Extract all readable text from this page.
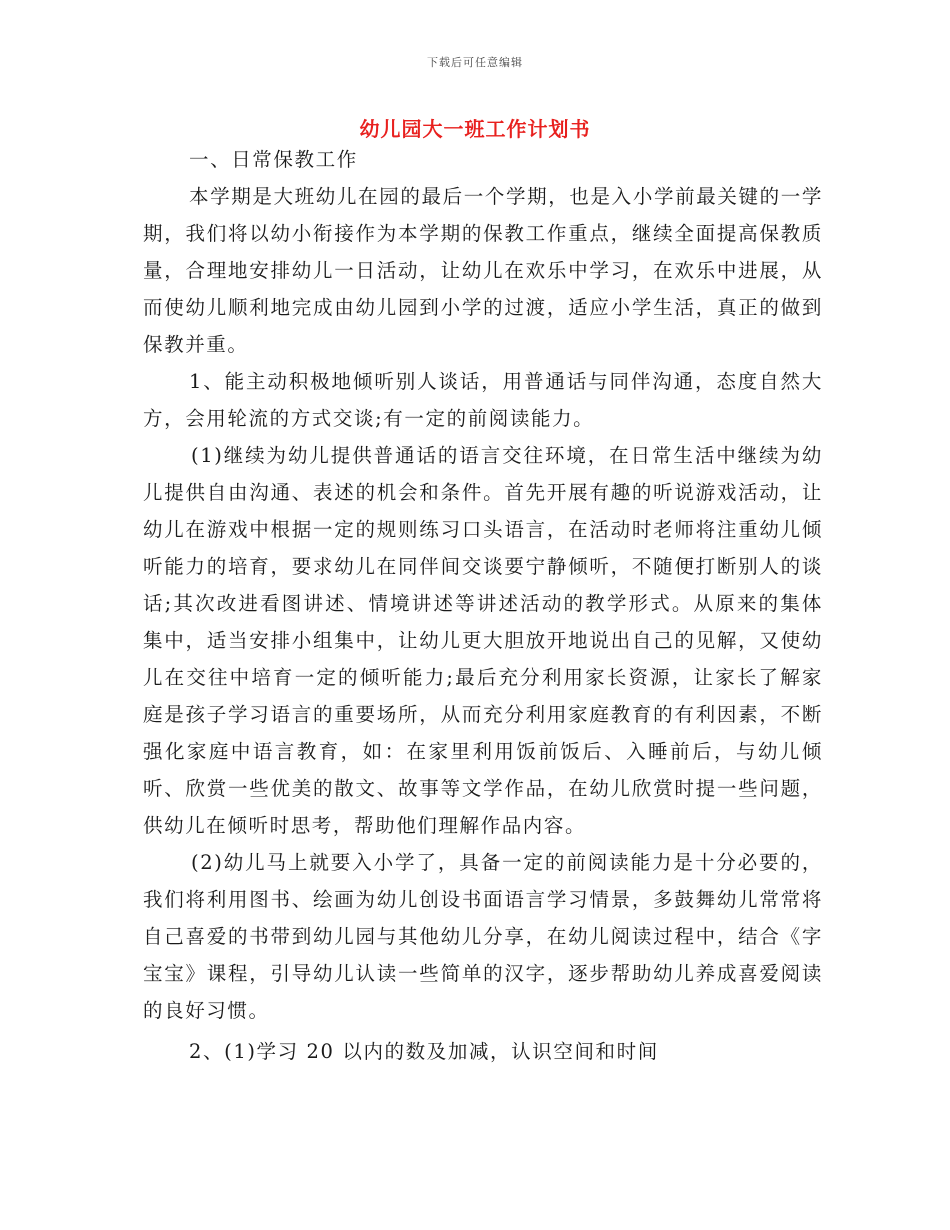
下载后可任意编辑
幼儿园大一班工作计划书

一、日常保教工作

本学期是大班幼儿在园的最后一个学期，也是入小学前最关键的一学期，我们将以幼小衔接作为本学期的保教工作重点，继续全面提高保教质量，合理地安排幼儿一日活动，让幼儿在欢乐中学习，在欢乐中进展，从而使幼儿顺利地完成由幼儿园到小学的过渡，适应小学生活，真正的做到保教并重。

1、能主动积极地倾听别人谈话，用普通话与同伴沟通，态度自然大方，会用轮流的方式交谈;有一定的前阅读能力。

(1)继续为幼儿提供普通话的语言交往环境，在日常生活中继续为幼儿提供自由沟通、表述的机会和条件。首先开展有趣的听说游戏活动，让幼儿在游戏中根据一定的规则练习口头语言，在活动时老师将注重幼儿倾听能力的培育，要求幼儿在同伴间交谈要宁静倾听，不随便打断别人的谈话;其次改进看图讲述、情境讲述等讲述活动的教学形式。从原来的集体集中，适当安排小组集中，让幼儿更大胆放开地说出自己的见解，又使幼儿在交往中培育一定的倾听能力;最后充分利用家长资源，让家长了解家庭是孩子学习语言的重要场所，从而充分利用家庭教育的有利因素，不断强化家庭中语言教育，如：在家里利用饭前饭后、入睡前后，与幼儿倾听、欣赏一些优美的散文、故事等文学作品，在幼儿欣赏时提一些问题，供幼儿在倾听时思考，帮助他们理解作品内容。

(2)幼儿马上就要入小学了，具备一定的前阅读能力是十分必要的，我们将利用图书、绘画为幼儿创设书面语言学习情景，多鼓舞幼儿常常将自己喜爱的书带到幼儿园与其他幼儿分享，在幼儿阅读过程中，结合《字宝宝》课程，引导幼儿认读一些简单的汉字，逐步帮助幼儿养成喜爱阅读的良好习惯。

2、(1)学习 20 以内的数及加减，认识空间和时间
